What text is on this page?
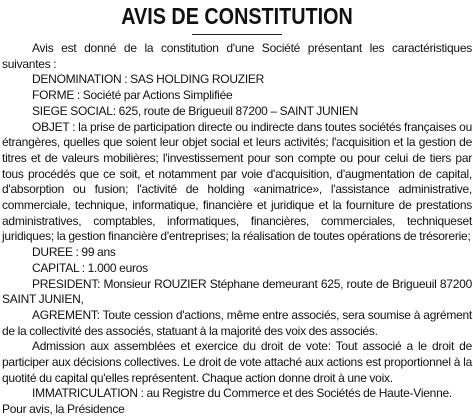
AVIS DE CONSTITUTION

Avis est donné de la constitution d'une Société présentant les caractéristiques suivantes :

DENOMINATION : SAS HOLDING ROUZIER

FORME : Société par Actions Simplifiée

SIEGE SOCIAL: 625, route de Brigueuil 87200 – SAINT JUNIEN

OBJET : la prise de participation directe ou indirecte dans toutes sociétés françaises ou étrangères, quelles que soient leur objet social et leurs activités; l'acquisition et la gestion de titres et de valeurs mobilières; l'investissement pour son compte ou pour celui de tiers par tous procédés que ce soit, et notamment par voie d'acquisition, d'augmentation de capital, d'absorption ou fusion; l'activité de holding «animatrice», l'assistance administrative, commerciale, technique, informatique, financière et juridique et la fourniture de prestations administratives, comptables, informatiques, financières, commerciales, techniqueset juridiques; la gestion financière d'entreprises; la réalisation de toutes opérations de trésorerie;

DUREE : 99 ans

CAPITAL : 1.000 euros

PRESIDENT: Monsieur ROUZIER Stéphane demeurant 625, route de Brigueuil 87200 SAINT JUNIEN,

AGREMENT: Toute cession d'actions, même entre associés, sera soumise à agrément de la collectivité des associés, statuant à la majorité des voix des associés.

Admission aux assemblées et exercice du droit de vote: Tout associé a le droit de participer aux décisions collectives. Le droit de vote attaché aux actions est proportionnel à la quotité du capital qu'elles représentent. Chaque action donne droit à une voix.

IMMATRICULATION : au Registre du Commerce et des Sociétés de Haute-Vienne.

Pour avis, la Présidence
